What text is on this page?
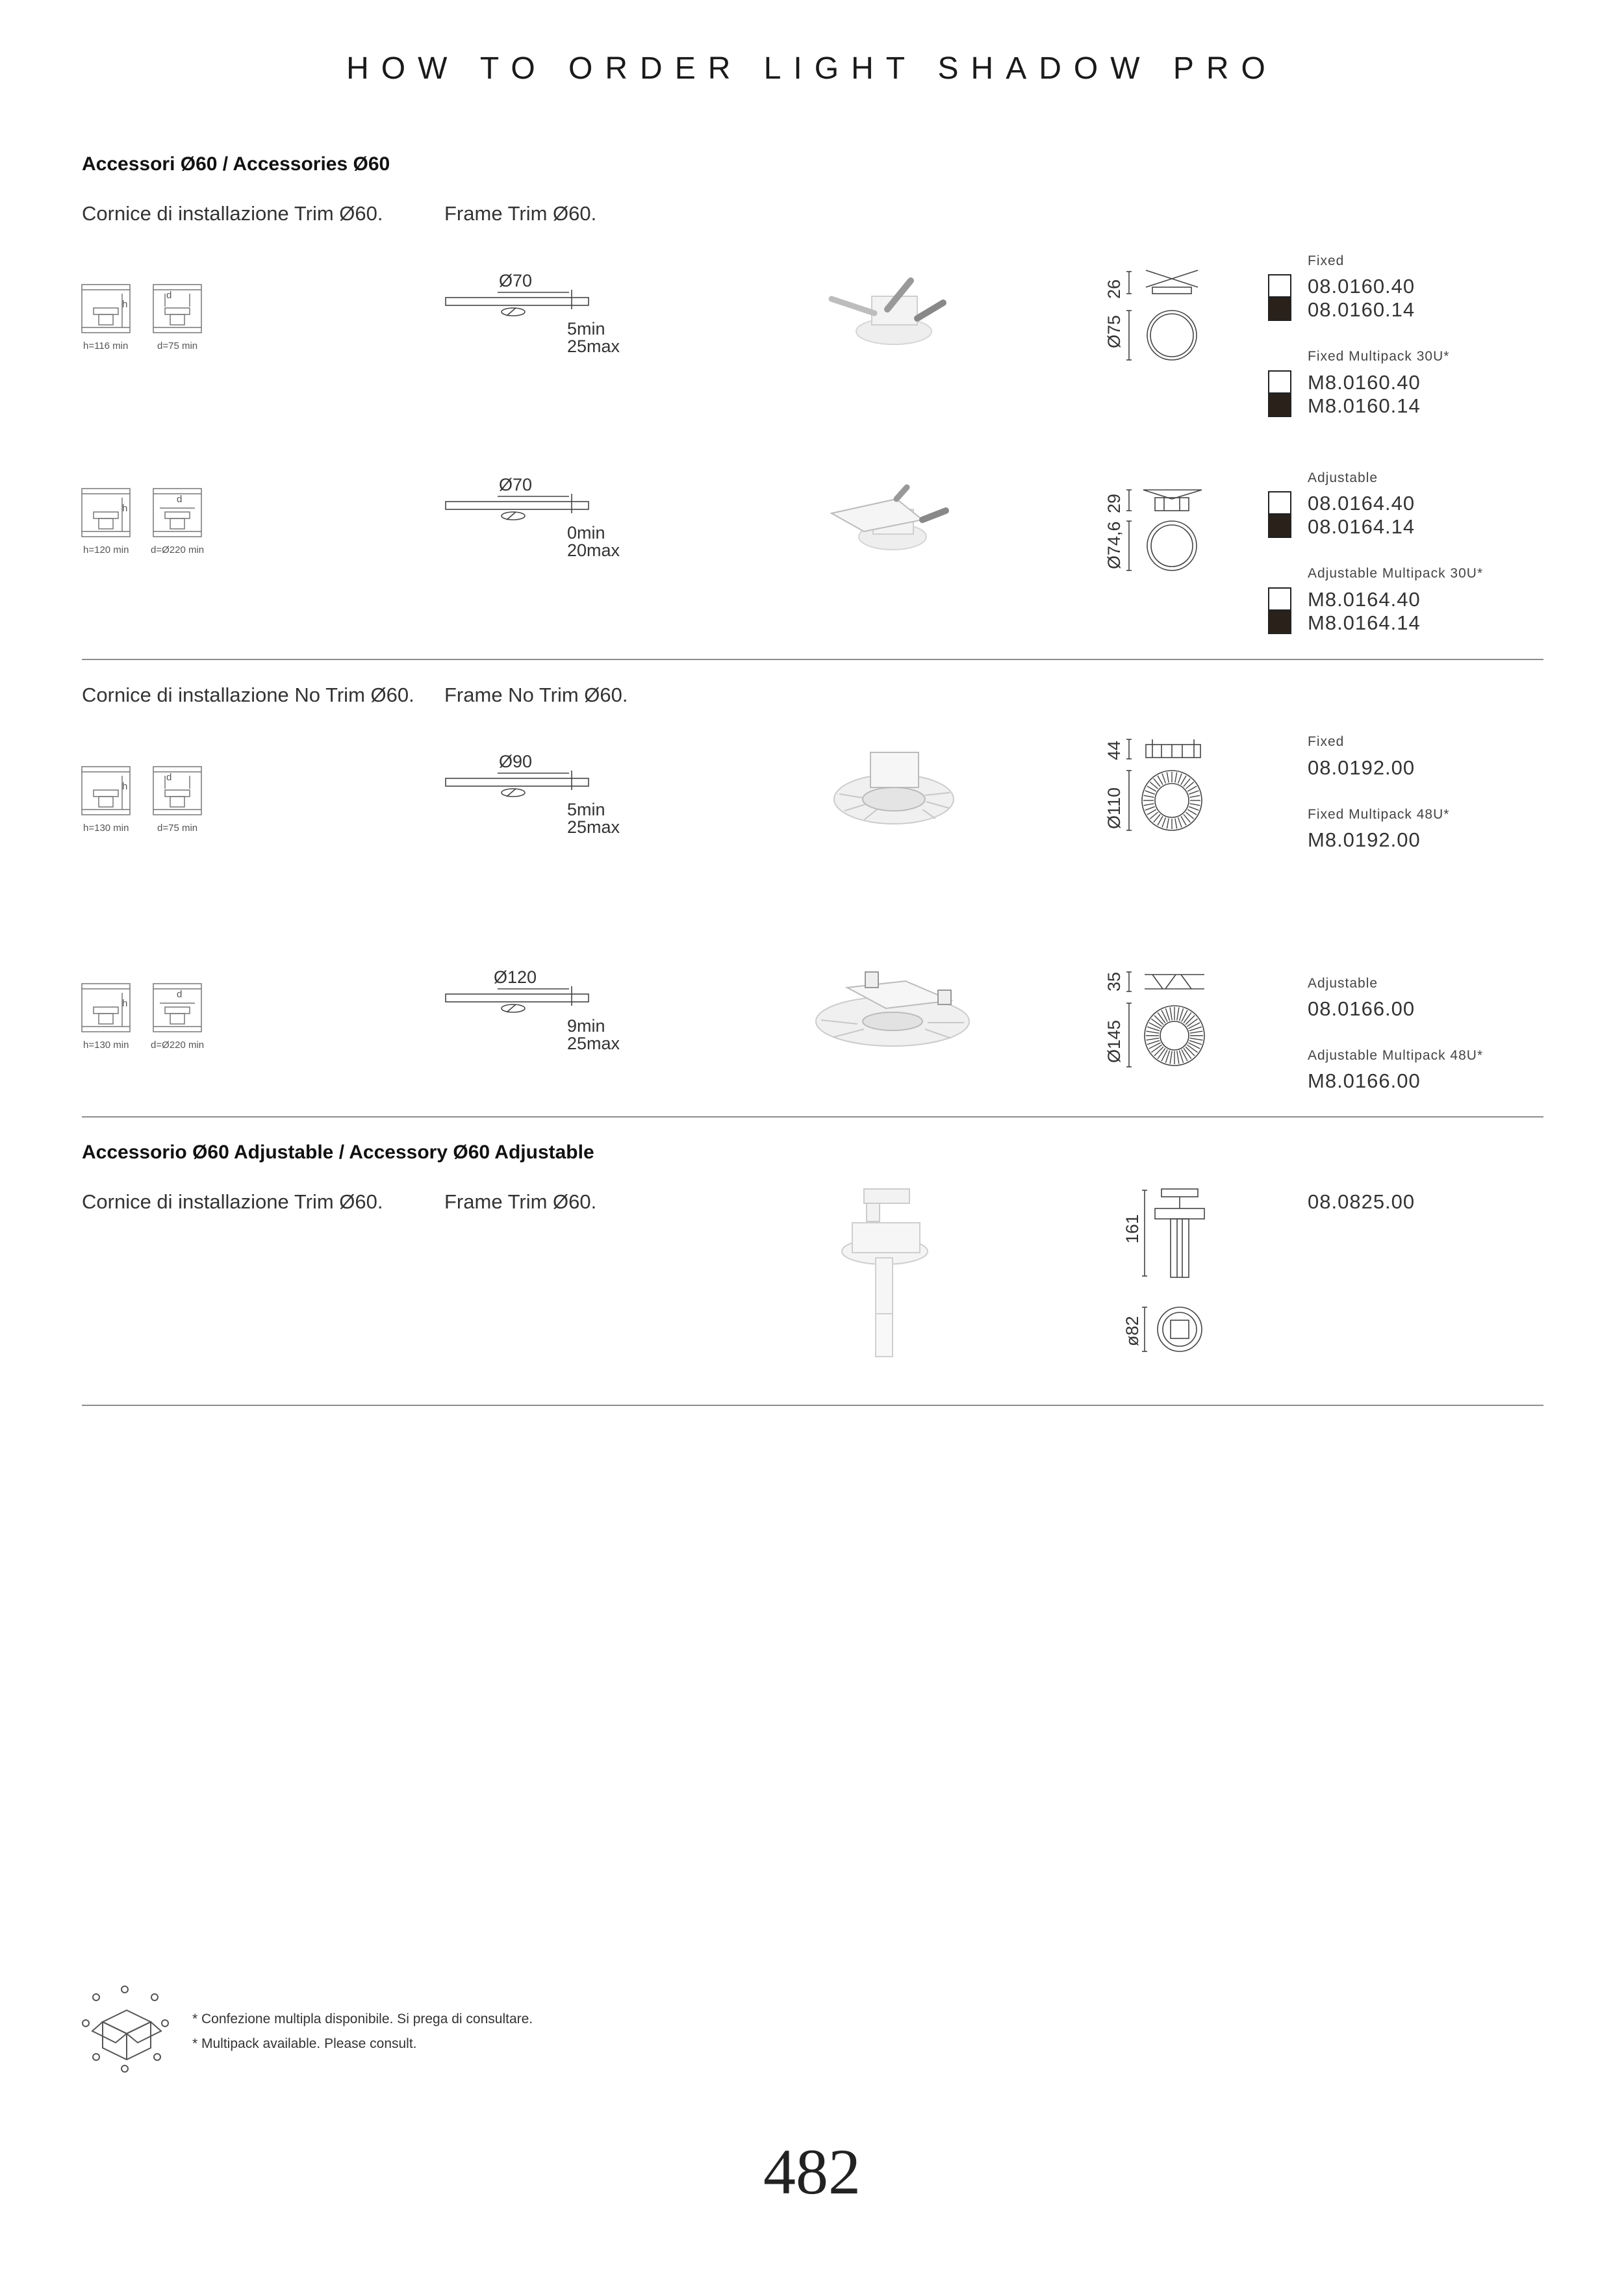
HOW TO ORDER LIGHT SHADOW PRO
Accessori Ø60 / Accessories Ø60
Cornice di installazione Trim Ø60.	Frame Trim Ø60.
h
d
h=116 min	d=75 min
Ø70
5min
25max
26
Ø75
Fixed
08.0160.40
08.0160.14
Fixed Multipack 30U*
M8.0160.40
M8.0160.14
h
d
h=120 min d=Ø220 min
Ø70
0min
20max
29
Ø74,6
Adjustable
08.0164.40
08.0164.14
Adjustable Multipack 30U*
M8.0164.40
M8.0164.14
Cornice di installazione No Trim Ø60. Frame No Trim Ø60.
h
d
h=130 min	d=75 min
Ø90
5min
25max
44
Ø110
Fixed
08.0192.00
Fixed Multipack 48U*
M8.0192.00
h
d
h=130 min d=Ø220 min
Ø120
9min
25max
35
Ø145
Adjustable
08.0166.00
Adjustable Multipack 48U*
M8.0166.00
Accessorio Ø60 Adjustable / Accessory Ø60 Adjustable
Cornice di installazione Trim Ø60.	Frame Trim Ø60.
161
ø82
08.0825.00
* Confezione multipla disponibile. Si prega di consultare.
* Multipack available. Please consult.
482
